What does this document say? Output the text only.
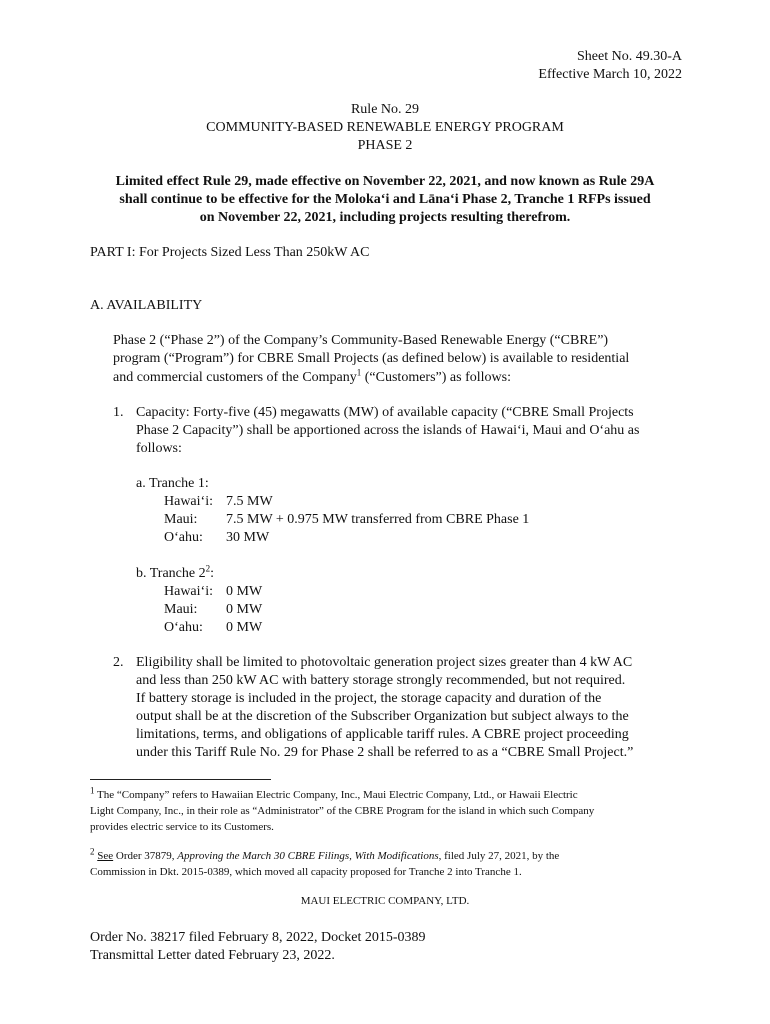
Sheet No. 49.30-A
Effective March 10, 2022
Rule No. 29
COMMUNITY-BASED RENEWABLE ENERGY PROGRAM
PHASE 2
Limited effect Rule 29, made effective on November 22, 2021, and now known as Rule 29A
shall continue to be effective for the Moloka‘i and Lāna‘i Phase 2, Tranche 1 RFPs issued
on November 22, 2021, including projects resulting therefrom.
PART I: For Projects Sized Less Than 250kW AC
A. AVAILABILITY
Phase 2 (“Phase 2”) of the Company’s Community-Based Renewable Energy (“CBRE”)
program (“Program”) for CBRE Small Projects (as defined below) is available to residential
and commercial customers of the Company$^1$ (“Customers”) as follows:
1. Capacity: Forty-five (45) megawatts (MW) of available capacity (“CBRE Small Projects
Phase 2 Capacity”) shall be apportioned across the islands of Hawai‘i, Maui and O‘ahu as
follows:
a. Tranche 1:
Hawai‘i: 7.5 MW
Maui: 7.5 MW + 0.975 MW transferred from CBRE Phase 1
O‘ahu: 30 MW
b. Tranche $2^2$:
Hawai‘i: 0 MW
Maui: 0 MW
O‘ahu: 0 MW
2. Eligibility shall be limited to photovoltaic generation project sizes greater than 4 kW AC
and less than 250 kW AC with battery storage strongly recommended, but not required.
If battery storage is included in the project, the storage capacity and duration of the
output shall be at the discretion of the Subscriber Organization but subject always to the
limitations, terms, and obligations of applicable tariff rules. A CBRE project proceeding
under this Tariff Rule No. 29 for Phase 2 shall be referred to as a “CBRE Small Project.”
$^1$ The “Company” refers to Hawaiian Electric Company, Inc., Maui Electric Company, Ltd., or Hawaii Electric
Light Company, Inc., in their role as “Administrator” of the CBRE Program for the island in which such Company
provides electric service to its Customers.
$^2$ See Order 37879, Approving the March 30 CBRE Filings, With Modifications, filed July 27, 2021, by the
Commission in Dkt. 2015-0389, which moved all capacity proposed for Tranche 2 into Tranche 1.
MAUI ELECTRIC COMPANY, LTD.
Order No. 38217 filed February 8, 2022, Docket 2015-0389
Transmittal Letter dated February 23, 2022.
